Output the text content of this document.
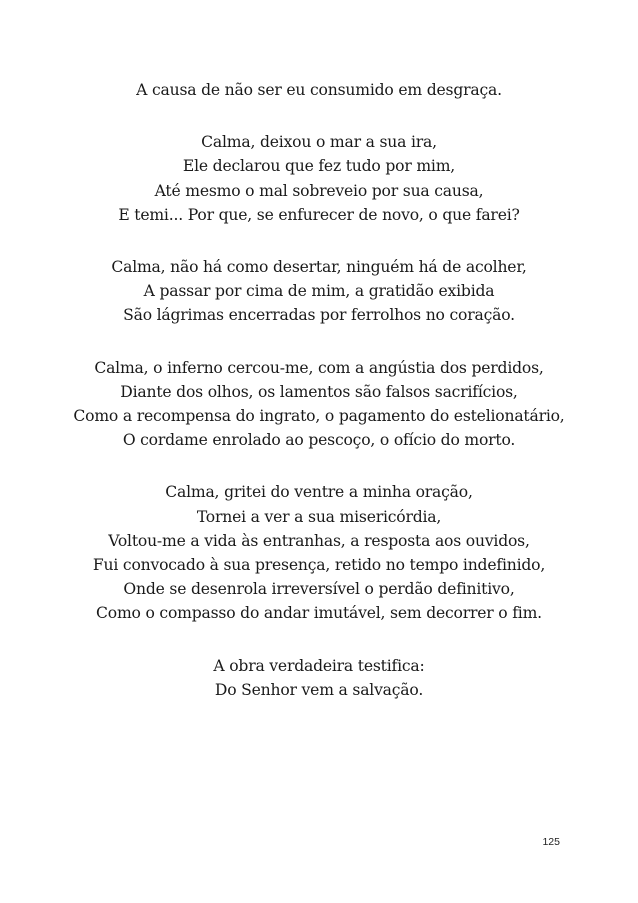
A causa de não ser eu consumido em desgraça.
Calma, deixou o mar a sua ira,
Ele declarou que fez tudo por mim,
Até mesmo o mal sobreveio por sua causa,
E temi... Por que, se enfurecer de novo, o que farei?
Calma, não há como desertar, ninguém há de acolher,
A passar por cima de mim, a gratidão exibida
São lágrimas encerradas por ferrolhos no coração.
Calma, o inferno cercou-me, com a angústia dos perdidos,
Diante dos olhos, os lamentos são falsos sacrifícios,
Como a recompensa do ingrato, o pagamento do estelionatário,
O cordame enrolado ao pescoço, o ofício do morto.
Calma, gritei do ventre a minha oração,
Tornei a ver a sua misericórdia,
Voltou-me a vida às entranhas, a resposta aos ouvidos,
Fui convocado à sua presença, retido no tempo indefinido,
Onde se desenrola irreversível o perdão definitivo,
Como o compasso do andar imutável, sem decorrer o fim.
A obra verdadeira testifica:
Do Senhor vem a salvação.
125
